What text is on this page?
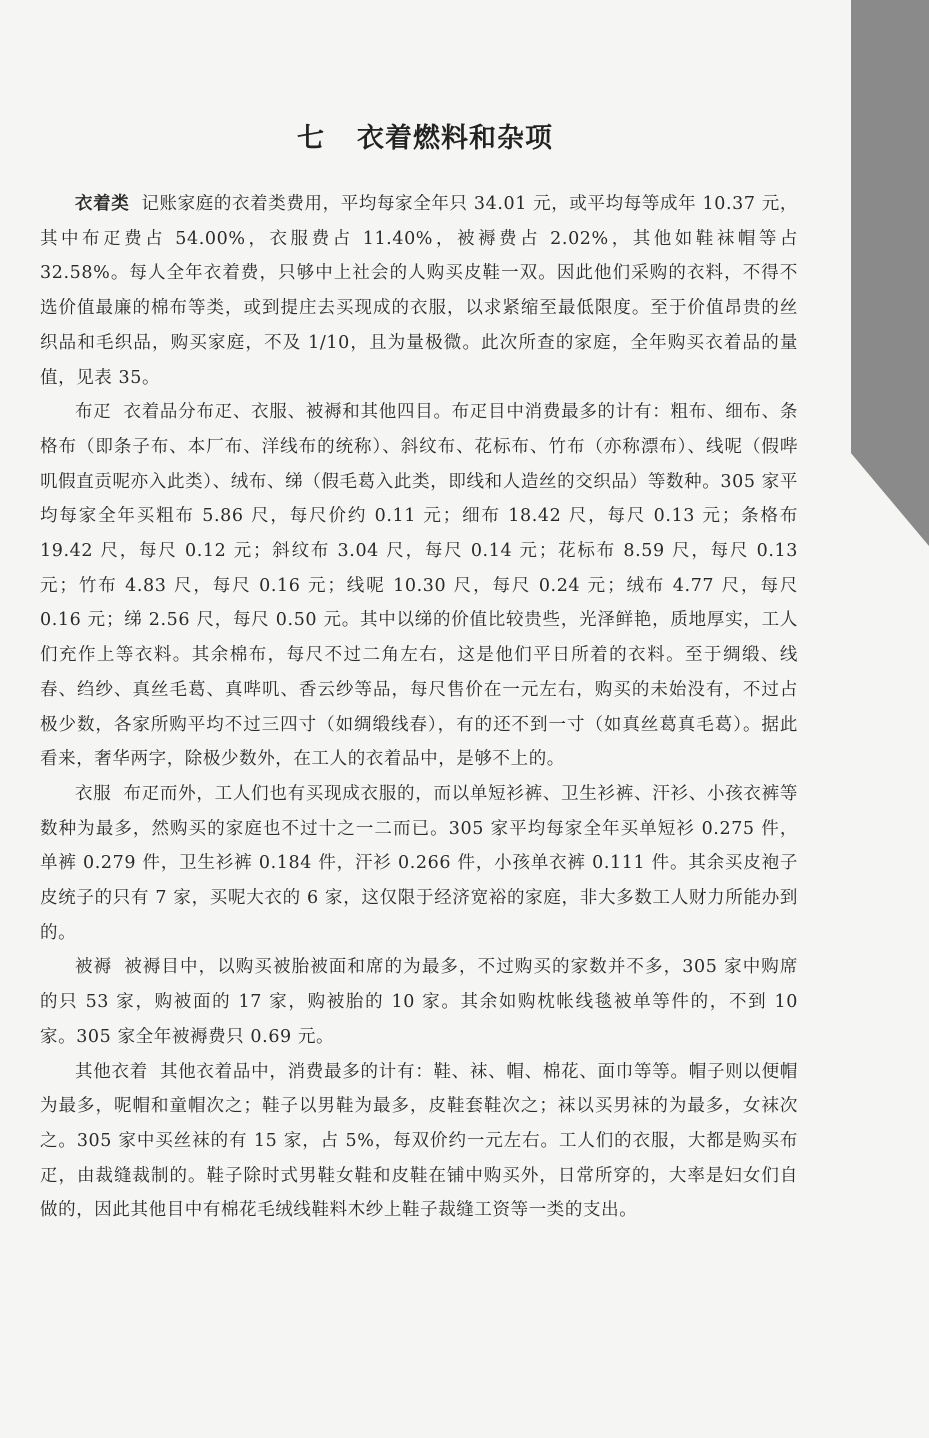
七 衣着燃料和杂项

衣着类 记账家庭的衣着类费用，平均每家全年只 34.01 元，或平均每等成年 10.37 元，其中布疋费占 54.00%，衣服费占 11.40%，被褥费占 2.02%，其他如鞋袜帽等占 32.58%。每人全年衣着费，只够中上社会的人购买皮鞋一双。因此他们采购的衣料，不得不选价值最廉的棉布等类，或到提庄去买现成的衣服，以求紧缩至最低限度。至于价值昂贵的丝织品和毛织品，购买家庭，不及 1/10，且为量极微。此次所查的家庭，全年购买衣着品的量值，见表 35。

布疋 衣着品分布疋、衣服、被褥和其他四目。布疋目中消费最多的计有：粗布、细布、条格布（即条子布、本厂布、洋线布的统称）、斜纹布、花标布、竹布（亦称漂布）、线呢（假哔叽假直贡呢亦入此类）、绒布、绨（假毛葛入此类，即线和人造丝的交织品）等数种。305 家平均每家全年买粗布 5.86 尺，每尺价约 0.11 元；细布 18.42 尺，每尺 0.13 元；条格布 19.42 尺，每尺 0.12 元；斜纹布 3.04 尺，每尺 0.14 元；花标布 8.59 尺，每尺 0.13 元；竹布 4.83 尺，每尺 0.16 元；线呢 10.30 尺，每尺 0.24 元；绒布 4.77 尺，每尺 0.16 元；绨 2.56 尺，每尺 0.50 元。其中以绨的价值比较贵些，光泽鲜艳，质地厚实，工人们充作上等衣料。其余棉布，每尺不过二角左右，这是他们平日所着的衣料。至于绸缎、线春、绉纱、真丝毛葛、真哔叽、香云纱等品，每尺售价在一元左右，购买的未始没有，不过占极少数，各家所购平均不过三四寸（如绸缎线春），有的还不到一寸（如真丝葛真毛葛）。据此看来，奢华两字，除极少数外，在工人的衣着品中，是够不上的。

衣服 布疋而外，工人们也有买现成衣服的，而以单短衫裤、卫生衫裤、汗衫、小孩衣裤等数种为最多，然购买的家庭也不过十之一二而已。305 家平均每家全年买单短衫 0.275 件，单裤 0.279 件，卫生衫裤 0.184 件，汗衫 0.266 件，小孩单衣裤 0.111 件。其余买皮袍子皮统子的只有 7 家，买呢大衣的 6 家，这仅限于经济宽裕的家庭，非大多数工人财力所能办到的。

被褥 被褥目中，以购买被胎被面和席的为最多，不过购买的家数并不多，305 家中购席的只 53 家，购被面的 17 家，购被胎的 10 家。其余如购枕帐线毯被单等件的，不到 10 家。305 家全年被褥费只 0.69 元。

其他衣着 其他衣着品中，消费最多的计有：鞋、袜、帽、棉花、面巾等等。帽子则以便帽为最多，呢帽和童帽次之；鞋子以男鞋为最多，皮鞋套鞋次之；袜以买男袜的为最多，女袜次之。305 家中买丝袜的有 15 家，占 5%，每双价约一元左右。工人们的衣服，大都是购买布疋，由裁缝裁制的。鞋子除时式男鞋女鞋和皮鞋在铺中购买外，日常所穿的，大率是妇女们自做的，因此其他目中有棉花毛绒线鞋料木纱上鞋子裁缝工资等一类的支出。
